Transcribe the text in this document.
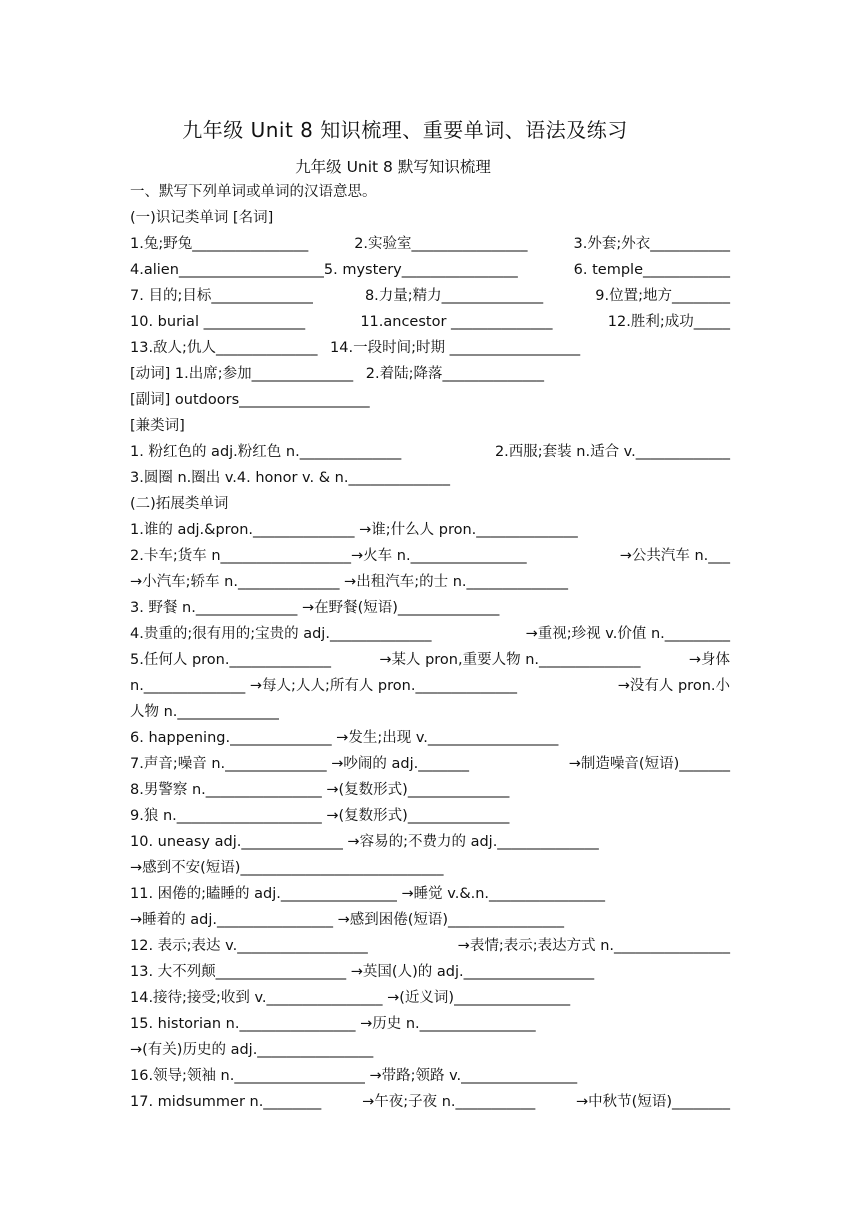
九年级 Unit 8 知识梳理、重要单词、语法及练习
九年级 Unit 8 默写知识梳理
一、默写下列单词或单词的汉语意思。
(一)识记类单词 [名词]
1.兔;野兔________________	2.实验室________________	3.外套;外衣___________
4.alien____________________5. mystery________________	6. temple____________
7. 目的;目标______________	8.力量;精力______________	9.位置;地方________
10. burial ______________	11.ancestor ______________	12.胜利;成功_____
13.敌人;仇人______________ 14.一段时间;时期 __________________
[动词] 1.出席;参加______________ 2.着陆;降落______________
[副词] outdoors__________________
[兼类词]
1. 粉红色的 adj.粉红色 n.______________	2.西服;套装 n.适合 v._____________
3.圆圈 n.圈出 v.4. honor v. & n.______________
(二)拓展类单词
1.谁的 adj.&pron.______________ →谁;什么人 pron.______________
2.卡车;货车 n__________________→火车 n.________________	→公共汽车 n.___
→小汽车;轿车 n.______________ →出租汽车;的士 n.______________
3. 野餐 n.______________ →在野餐(短语)______________
4.贵重的;很有用的;宝贵的 adj.______________	→重视;珍视 v.价值 n._________
5.任何人 pron.______________	→某人 pron,重要人物 n.______________	→身体
n.______________ →每人;人人;所有人 pron.______________	→没有人 pron.小
人物 n.______________
6. happening.______________ →发生;出现 v.__________________
7.声音;噪音 n.______________ →吵闹的 adj._______	→制造噪音(短语)_______
8.男警察 n.________________ →(复数形式)______________
9.狼 n.____________________ →(复数形式)______________
10. uneasy adj.______________ →容易的;不费力的 adj.______________
→感到不安(短语)____________________________
11. 困倦的;瞌睡的 adj.________________ →睡觉 v.&.n.________________
→睡着的 adj.________________ →感到困倦(短语)________________
12. 表示;表达 v.__________________	→表情;表示;表达方式 n.________________
13. 大不列颠__________________ →英国(人)的 adj.__________________
14.接待;接受;收到 v.________________ →(近义词)________________
15. historian n.________________ →历史 n.________________
→(有关)历史的 adj.________________
16.领导;领袖 n.__________________ →带路;领路 v.________________
17. midsummer n.________	→午夜;子夜 n.___________	→中秋节(短语)________
